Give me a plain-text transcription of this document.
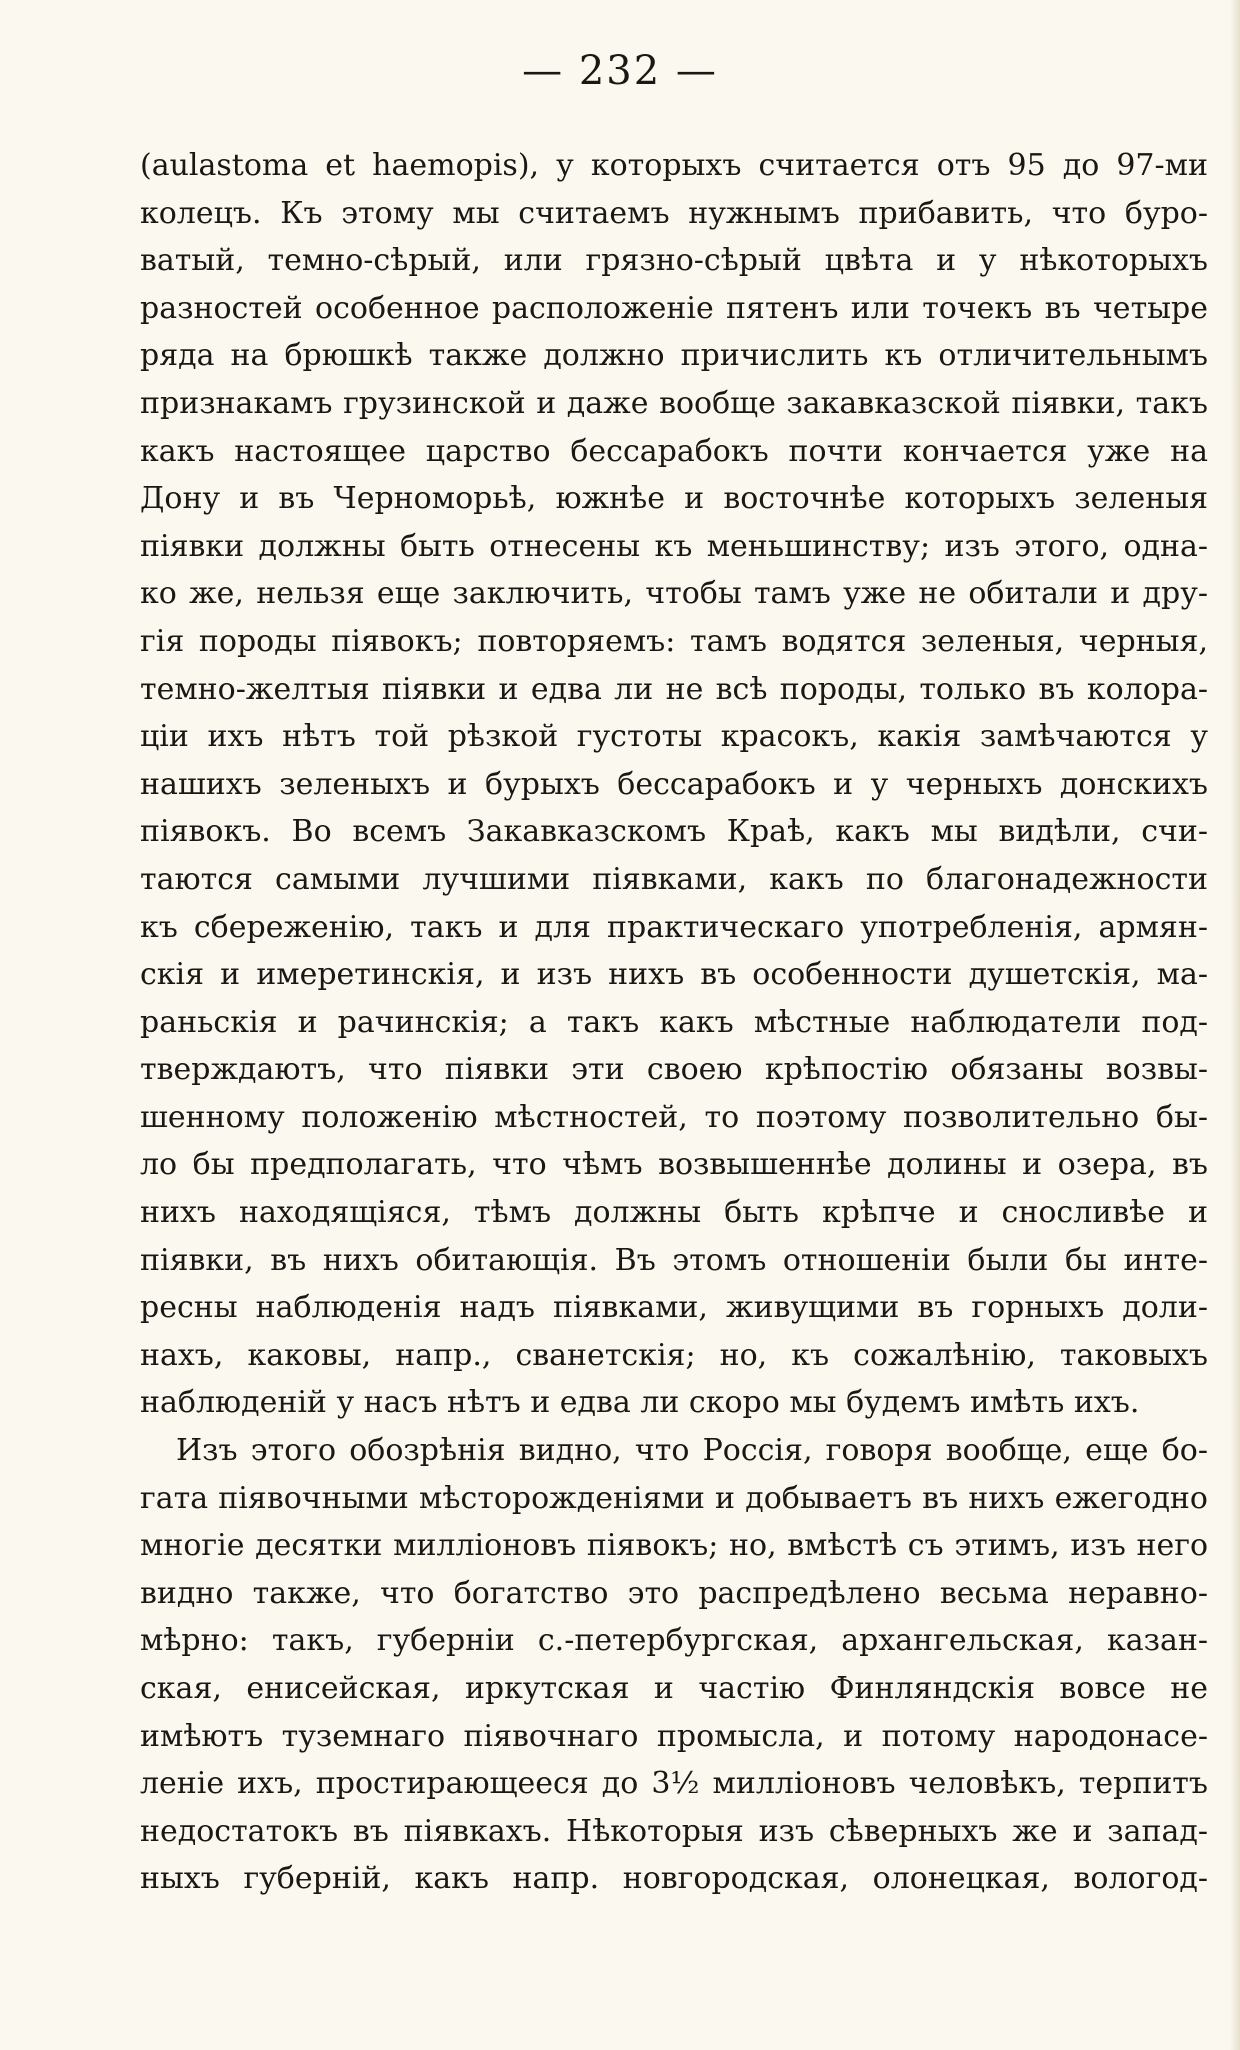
— 232 —
(aulastoma et haemopis), у которыхъ считается отъ 95 до 97-ми
колецъ. Къ этому мы считаемъ нужнымъ прибавить, что буро-
ватый, темно-сѣрый, или грязно-сѣрый цвѣта и у нѣкоторыхъ
разностей особенное расположенiе пятенъ или точекъ въ четыре
ряда на брюшкѣ также должно причислить къ отличительнымъ
признакамъ грузинской и даже вообще закавказской пiявки, такъ
какъ настоящее царство бессарабокъ почти кончается уже на
Дону и въ Черноморьѣ, южнѣе и восточнѣе которыхъ зеленыя
пiявки должны быть отнесены къ меньшинству; изъ этого, одна-
ко же, нельзя еще заключить, чтобы тамъ уже не обитали и дру-
гiя породы пiявокъ; повторяемъ: тамъ водятся зеленыя, черныя,
темно-желтыя пiявки и едва ли не всѣ породы, только въ колора-
цiи ихъ нѣтъ той рѣзкой густоты красокъ, какiя замѣчаются у
нашихъ зеленыхъ и бурыхъ бессарабокъ и у черныхъ донскихъ
пiявокъ. Во всемъ Закавказскомъ Краѣ, какъ мы видѣли, счи-
таются самыми лучшими пiявками, какъ по благонадежности
къ сбереженiю, такъ и для практическаго употребленiя, армян-
скiя и имеретинскiя, и изъ нихъ въ особенности душетскiя, ма-
раньскiя и рачинскiя; а такъ какъ мѣстные наблюдатели под-
тверждаютъ, что пiявки эти своею крѣпостiю обязаны возвы-
шенному положенiю мѣстностей, то поэтому позволительно бы-
ло бы предполагать, что чѣмъ возвышеннѣе долины и озера, въ
нихъ находящiяся, тѣмъ должны быть крѣпче и сносливѣе и
пiявки, въ нихъ обитающiя. Въ этомъ отношенiи были бы инте-
ресны наблюденiя надъ пiявками, живущими въ горныхъ доли-
нахъ, каковы, напр., сванетскiя; но, къ сожалѣнiю, таковыхъ
наблюденiй у насъ нѣтъ и едва ли скоро мы будемъ имѣть ихъ.
Изъ этого обозрѣнiя видно, что Россiя, говоря вообще, еще бо-
гата пiявочными мѣсторожденiями и добываетъ въ нихъ ежегодно
многiе десятки миллiоновъ пiявокъ; но, вмѣстѣ съ этимъ, изъ него
видно также, что богатство это распредѣлено весьма неравно-
мѣрно: такъ, губернiи с.-петербургская, архангельская, казан-
ская, енисейская, иркутская и частiю Финляндскiя вовсе не
имѣютъ туземнаго пiявочнаго промысла, и потому народонасе-
ленiе ихъ, простирающееся до 3½ миллiоновъ человѣкъ, терпитъ
недостатокъ въ пiявкахъ. Нѣкоторыя изъ сѣверныхъ же и запад-
ныхъ губернiй, какъ напр. новгородская, олонецкая, вологод-
